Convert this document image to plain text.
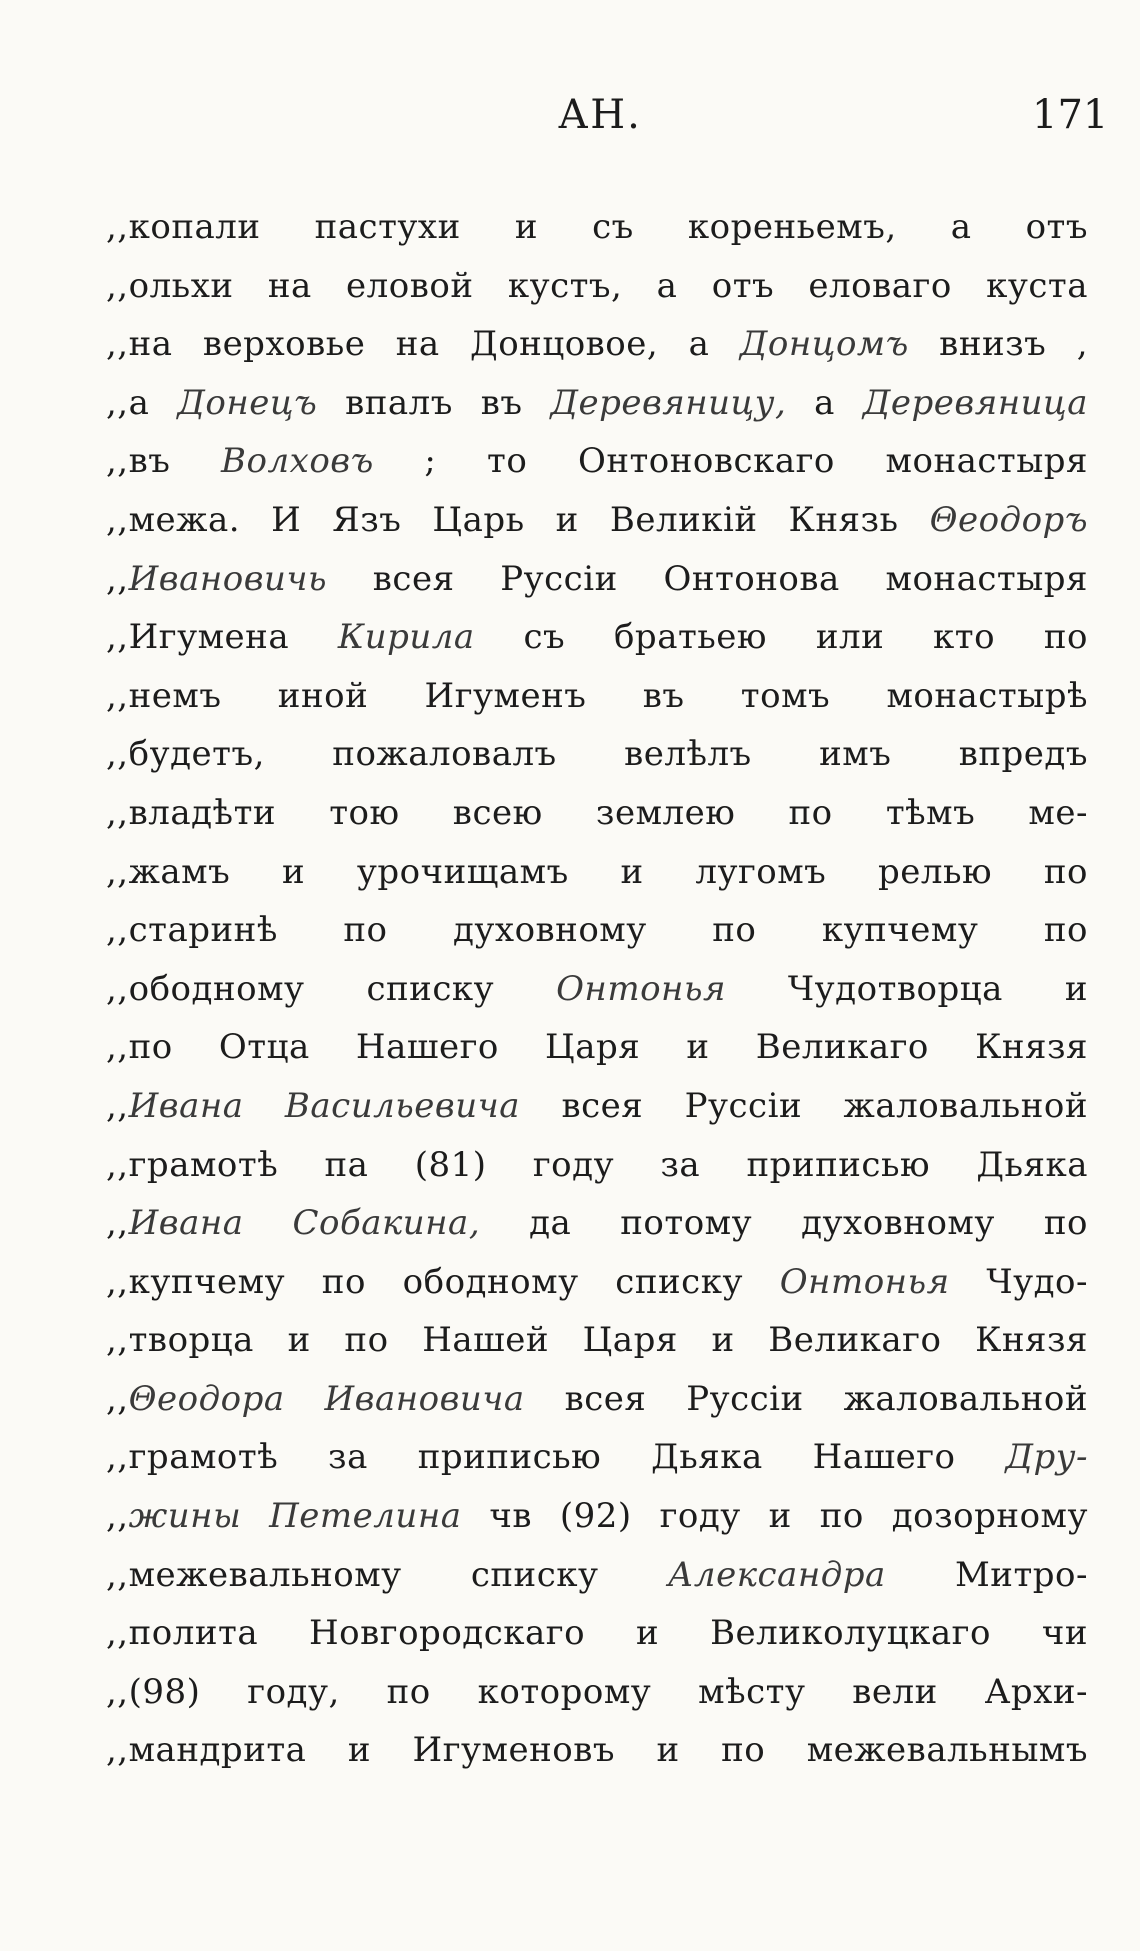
АН.	171
,,копали пастухи и съ кореньемъ, а отъ
,,ольхи на еловой кустъ, а отъ еловаго куста
,,на верховье на Донцовое, а Донцомъ внизъ ,
,,а Донецъ впалъ въ Деревяницу, а Деревяница
,,въ Волховъ ; то Онтоновскаго монастыря
,,межа. И Язъ Царь и Великiй Князь Θеодоръ
,,Ивановичь всея Руссiи Онтонова монастыря
,,Игумена Кирила съ братьею или кто по
,,немъ иной Игуменъ въ томъ монастырѣ
,,будетъ, пожаловалъ велѣлъ имъ впредъ
,,владѣти тою всею землею по тѣмъ ме-
,,жамъ и урочищамъ и лугомъ релью по
,,старинѣ по духовному по купчему по
,,ободному списку Онтонья Чудотворца и
,,по Отца Нашего Царя и Великаго Князя
,,Ивана Васильевича всея Руссiи жаловальной
,,грамотѣ па (81) году за приписью Дьяка
,,Ивана Собакина, да потому духовному по
,,купчему по ободному списку Онтонья Чудо-
,,творца и по Нашей Царя и Великаго Князя
,,Θеодора Ивановича всея Руссiи жаловальной
,,грамотѣ за приписью Дьяка Нашего Дру-
,,жины Петелина чв (92) году и по дозорному
,,межевальному списку Александра Митро-
,,полита Новгородскаго и Великолуцкаго чи
,,(98) году, по которому мѣсту вели Архи-
,,мандрита и Игуменовъ и по межевальнымъ
